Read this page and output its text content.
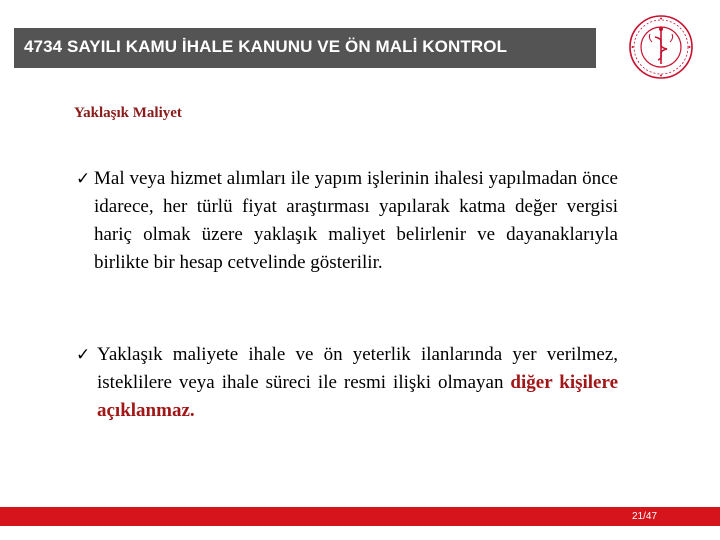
4734 SAYILI KAMU İHALE KANUNU VE ÖN MALİ KONTROL
Yaklaşık Maliyet
✓ Mal veya hizmet alımları ile yapım işlerinin ihalesi yapılmadan önce idarece, her türlü fiyat araştırması yapılarak katma değer vergisi hariç olmak üzere yaklaşık maliyet belirlenir ve dayanaklarıyla birlikte bir hesap cetvelinde gösterilir.
✓ Yaklaşık maliyete ihale ve ön yeterlik ilanlarında yer verilmez, isteklilere veya ihale süreci ile resmi ilişki olmayan diğer kişilere açıklanmaz.
21/47
